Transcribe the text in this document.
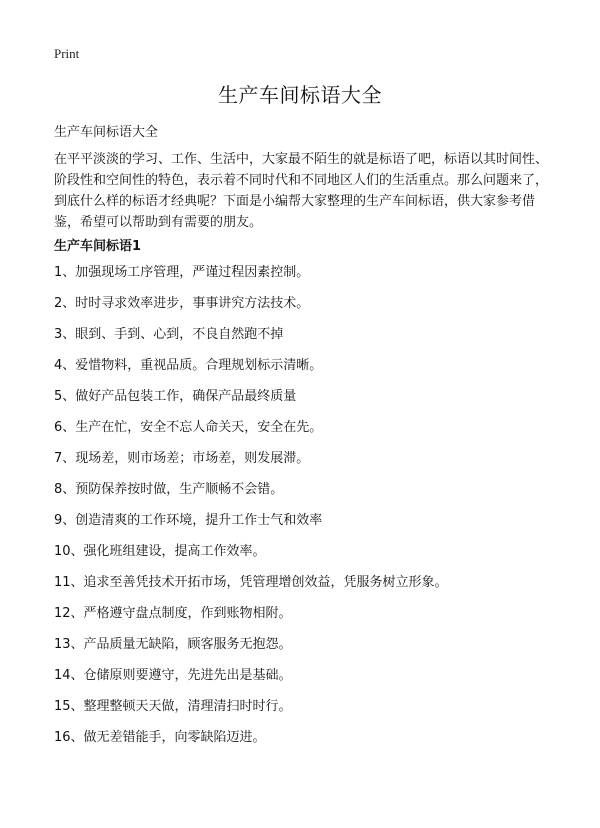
Print
生产车间标语大全
生产车间标语大全

在平平淡淡的学习、工作、生活中，大家最不陌生的就是标语了吧，标语以其时间性、阶段性和空间性的特色，表示着不同时代和不同地区人们的生活重点。那么问题来了，到底什么样的标语才经典呢？下面是小编帮大家整理的生产车间标语，供大家参考借鉴，希望可以帮助到有需要的朋友。

生产车间标语1
1、加强现场工序管理，严谨过程因素控制。
2、时时寻求效率进步，事事讲究方法技术。
3、眼到、手到、心到，不良自然跑不掉
4、爱惜物料，重视品质。合理规划标示清晰。
5、做好产品包装工作，确保产品最终质量
6、生产在忙，安全不忘人命关天，安全在先。
7、现场差，则市场差；市场差，则发展滞。
8、预防保养按时做，生产顺畅不会错。
9、创造清爽的工作环境，提升工作士气和效率
10、强化班组建设，提高工作效率。
11、追求至善凭技术开拓市场，凭管理增创效益，凭服务树立形象。
12、严格遵守盘点制度，作到账物相附。
13、产品质量无缺陷，顾客服务无抱怨。
14、仓储原则要遵守，先进先出是基础。
15、整理整顿天天做，清理清扫时时行。
16、做无差错能手，向零缺陷迈进。
